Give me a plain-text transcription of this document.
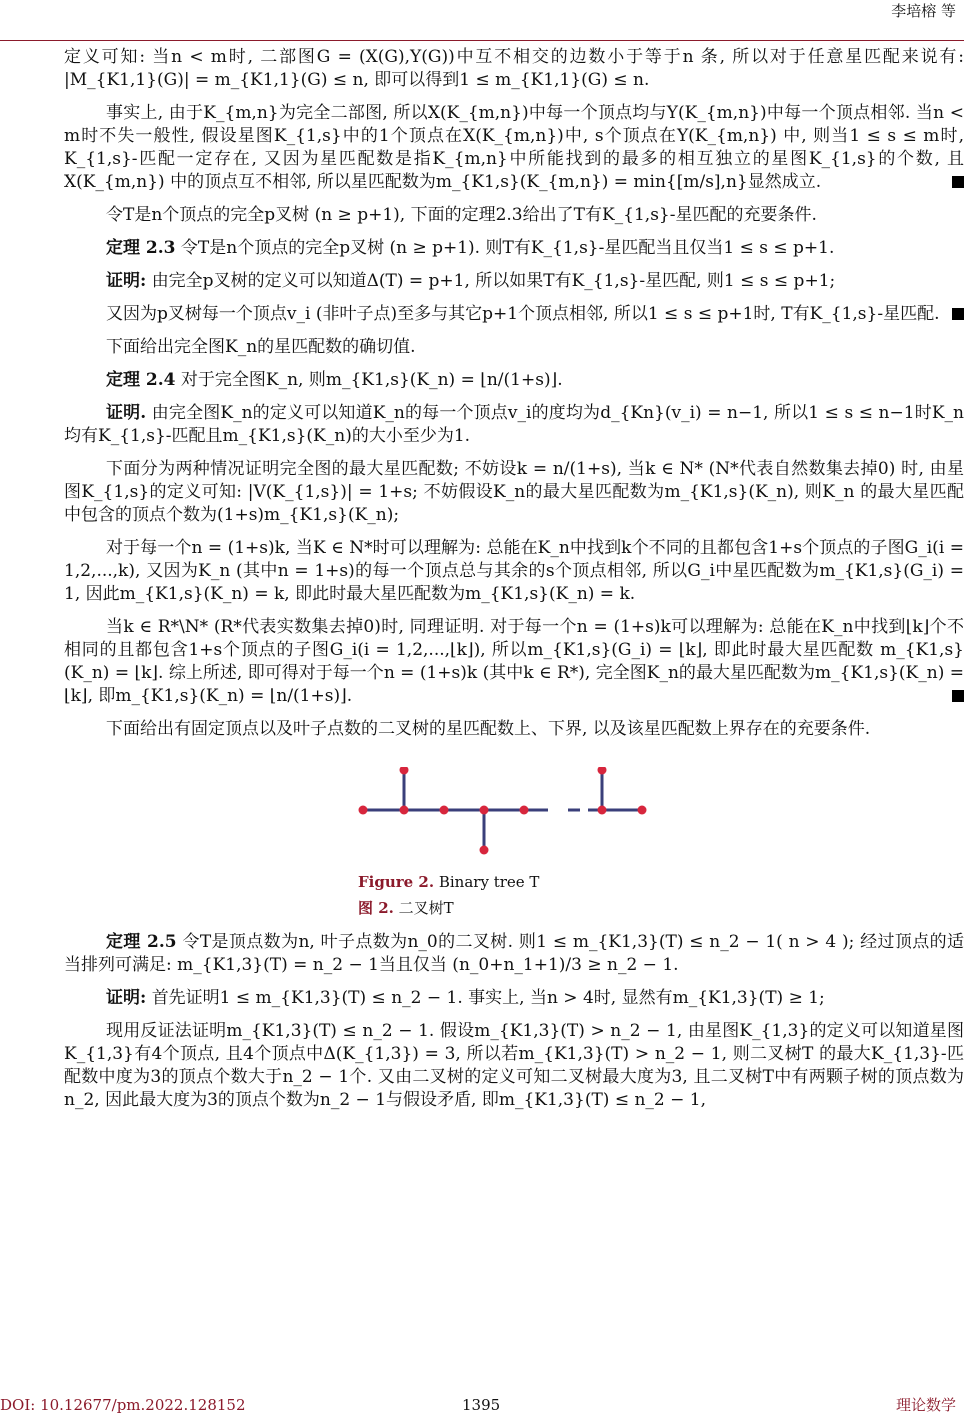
李培榕 等

定义可知: 当n < m时, 二部图G = (X(G),Y(G))中互不相交的边数小于等于n 条, 所以对于任意星匹配来说有: |M_{K1,1}(G)| = m_{K1,1}(G) ≤ n, 即可以得到1 ≤ m_{K1,1}(G) ≤ n.

事实上, 由于K_{m,n}为完全二部图, 所以X(K_{m,n})中每一个顶点均与Y(K_{m,n})中每一个顶点相邻. 当n < m时不失一般性, 假设星图K_{1,s}中的1个顶点在X(K_{m,n})中, s个顶点在Y(K_{m,n}) 中, 则当1 ≤ s ≤ m时, K_{1,s}-匹配一定存在, 又因为星匹配数是指K_{m,n}中所能找到的最多的相互独立的星图K_{1,s}的个数, 且X(K_{m,n}) 中的顶点互不相邻, 所以星匹配数为m_{K1,s}(K_{m,n}) = min{[m/s],n}显然成立.

令T是n个顶点的完全p叉树 (n ≥ p+1), 下面的定理2.3给出了T有K_{1,s}-星匹配的充要条件.

定理 2.3 令T是n个顶点的完全p叉树 (n ≥ p+1). 则T有K_{1,s}-星匹配当且仅当1 ≤ s ≤ p+1.

证明: 由完全p叉树的定义可以知道Δ(T) = p+1, 所以如果T有K_{1,s}-星匹配, 则1 ≤ s ≤ p+1;

又因为p叉树每一个顶点v_i (非叶子点)至多与其它p+1个顶点相邻, 所以1 ≤ s ≤ p+1时, T有K_{1,s}-星匹配.

下面给出完全图K_n的星匹配数的确切值.

定理 2.4 对于完全图K_n, 则m_{K1,s}(K_n) = ⌊n/(1+s)⌋.

证明. 由完全图K_n的定义可以知道K_n的每一个顶点v_i的度均为d_{Kn}(v_i) = n−1, 所以1 ≤ s ≤ n−1时K_n均有K_{1,s}-匹配且m_{K1,s}(K_n)的大小至少为1.

下面分为两种情况证明完全图的最大星匹配数; 不妨设k = n/(1+s), 当k ∈ N* (N*代表自然数集去掉0) 时, 由星图K_{1,s}的定义可知: |V(K_{1,s})| = 1+s; 不妨假设K_n的最大星匹配数为m_{K1,s}(K_n), 则K_n 的最大星匹配中包含的顶点个数为(1+s)m_{K1,s}(K_n);

对于每一个n = (1+s)k, 当K ∈ N*时可以理解为: 总能在K_n中找到k个不同的且都包含1+s个顶点的子图G_i(i = 1,2,...,k), 又因为K_n (其中n = 1+s)的每一个顶点总与其余的s个顶点相邻, 所以G_i中星匹配数为m_{K1,s}(G_i) = 1, 因此m_{K1,s}(K_n) = k, 即此时最大星匹配数为m_{K1,s}(K_n) = k.

当k ∈ R*\N* (R*代表实数集去掉0)时, 同理证明. 对于每一个n = (1+s)k可以理解为: 总能在K_n中找到⌊k⌋个不相同的且都包含1+s个顶点的子图G_i(i = 1,2,...,⌊k⌋), 所以m_{K1,s}(G_i) = ⌊k⌋, 即此时最大星匹配数 m_{K1,s}(K_n) = ⌊k⌋. 综上所述, 即可得对于每一个n = (1+s)k (其中k ∈ R*), 完全图K_n的最大星匹配数为m_{K1,s}(K_n) = ⌊k⌋, 即m_{K1,s}(K_n) = ⌊n/(1+s)⌋.

下面给出有固定顶点以及叶子点数的二叉树的星匹配数上、下界, 以及该星匹配数上界存在的充要条件.

Figure 2. Binary tree T
图 2. 二叉树T

定理 2.5 令T是顶点数为n, 叶子点数为n_0的二叉树. 则1 ≤ m_{K1,3}(T) ≤ n_2 − 1( n > 4 ); 经过顶点的适当排列可满足: m_{K1,3}(T) = n_2 − 1当且仅当 (n_0+n_1+1)/3 ≥ n_2 − 1.

证明: 首先证明1 ≤ m_{K1,3}(T) ≤ n_2 − 1. 事实上, 当n > 4时, 显然有m_{K1,3}(T) ≥ 1;

现用反证法证明m_{K1,3}(T) ≤ n_2 − 1. 假设m_{K1,3}(T) > n_2 − 1, 由星图K_{1,3}的定义可以知道星图K_{1,3}有4个顶点, 且4个顶点中Δ(K_{1,3}) = 3, 所以若m_{K1,3}(T) > n_2 − 1, 则二叉树T 的最大K_{1,3}-匹配数中度为3的顶点个数大于n_2 − 1个. 又由二叉树的定义可知二叉树最大度为3, 且二叉树T中有两颗子树的顶点数为n_2, 因此最大度为3的顶点个数为n_2 − 1与假设矛盾, 即m_{K1,3}(T) ≤ n_2 − 1,

DOI: 10.12677/pm.2022.128152	1395	理论数学
